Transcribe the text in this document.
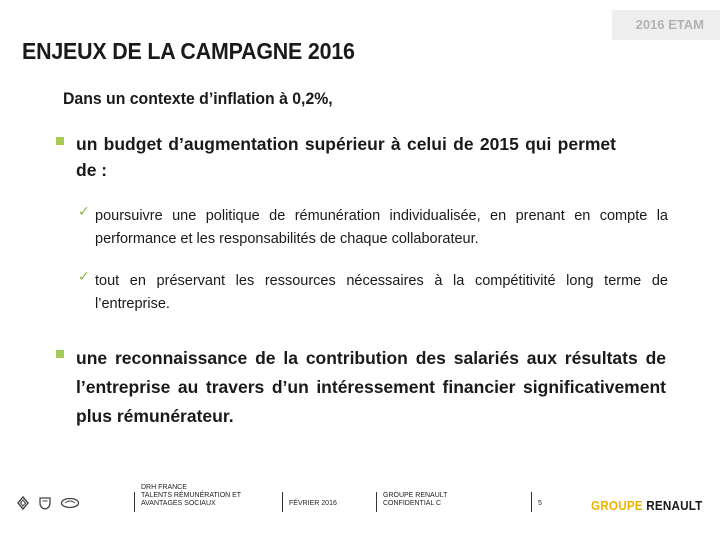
2016 ETAM
ENJEUX DE LA CAMPAGNE 2016

Dans un contexte d’inflation à 0,2%,

un budget d’augmentation supérieur à celui de 2015 qui permet de :
✓ poursuivre une politique de rémunération individualisée, en prenant en compte la performance et les responsabilités de chaque collaborateur.
✓ tout en préservant les ressources nécessaires à la compétitivité long terme de l’entreprise.
une reconnaissance de la contribution des salariés aux résultats de l’entreprise au travers d’un intéressement financier significativement plus rémunérateur.
DRH FRANCE
TALENTS RÉMUNÉRATION ET
AVANTAGES SOCIAUX	FÉVRIER 2016
GROUPE RENAULT
CONFIDENTIAL C	5	GROUPE RENAULT
